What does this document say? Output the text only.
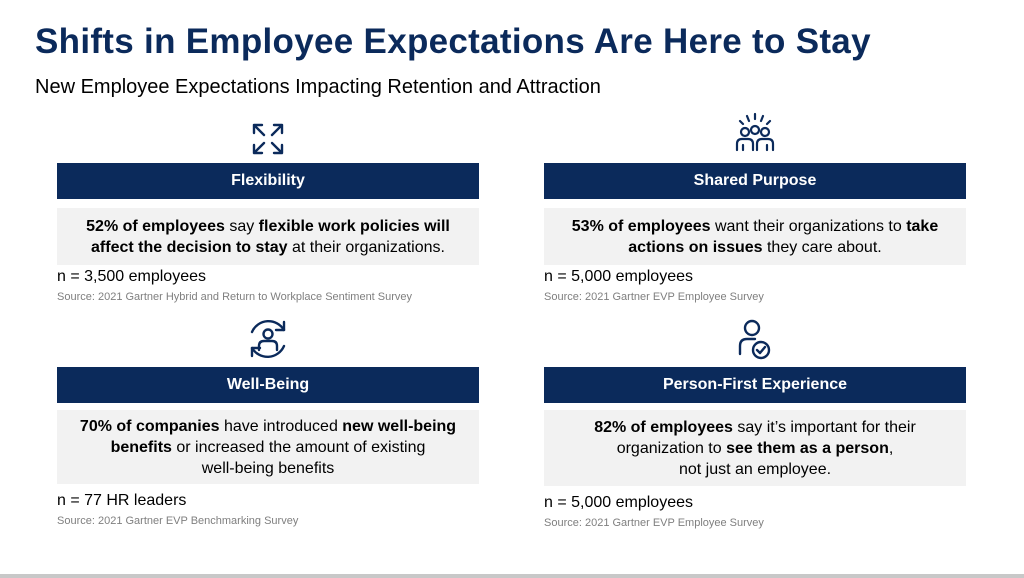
Shifts in Employee Expectations Are Here to Stay
New Employee Expectations Impacting Retention and Attraction
Flexibility
52% of employees say flexible work policies will
affect the decision to stay at their organizations.
n = 3,500 employees
Source: 2021 Gartner Hybrid and Return to Workplace Sentiment Survey
Shared Purpose
53% of employees want their organizations to take
actions on issues they care about.
n = 5,000 employees
Source: 2021 Gartner EVP Employee Survey
Well-Being
70% of companies have introduced new well-being
benefits or increased the amount of existing
well-being benefits
n = 77 HR leaders
Source: 2021 Gartner EVP Benchmarking Survey
Person-First Experience
82% of employees say it’s important for their
organization to see them as a person,
not just an employee.
n = 5,000 employees
Source: 2021 Gartner EVP Employee Survey
